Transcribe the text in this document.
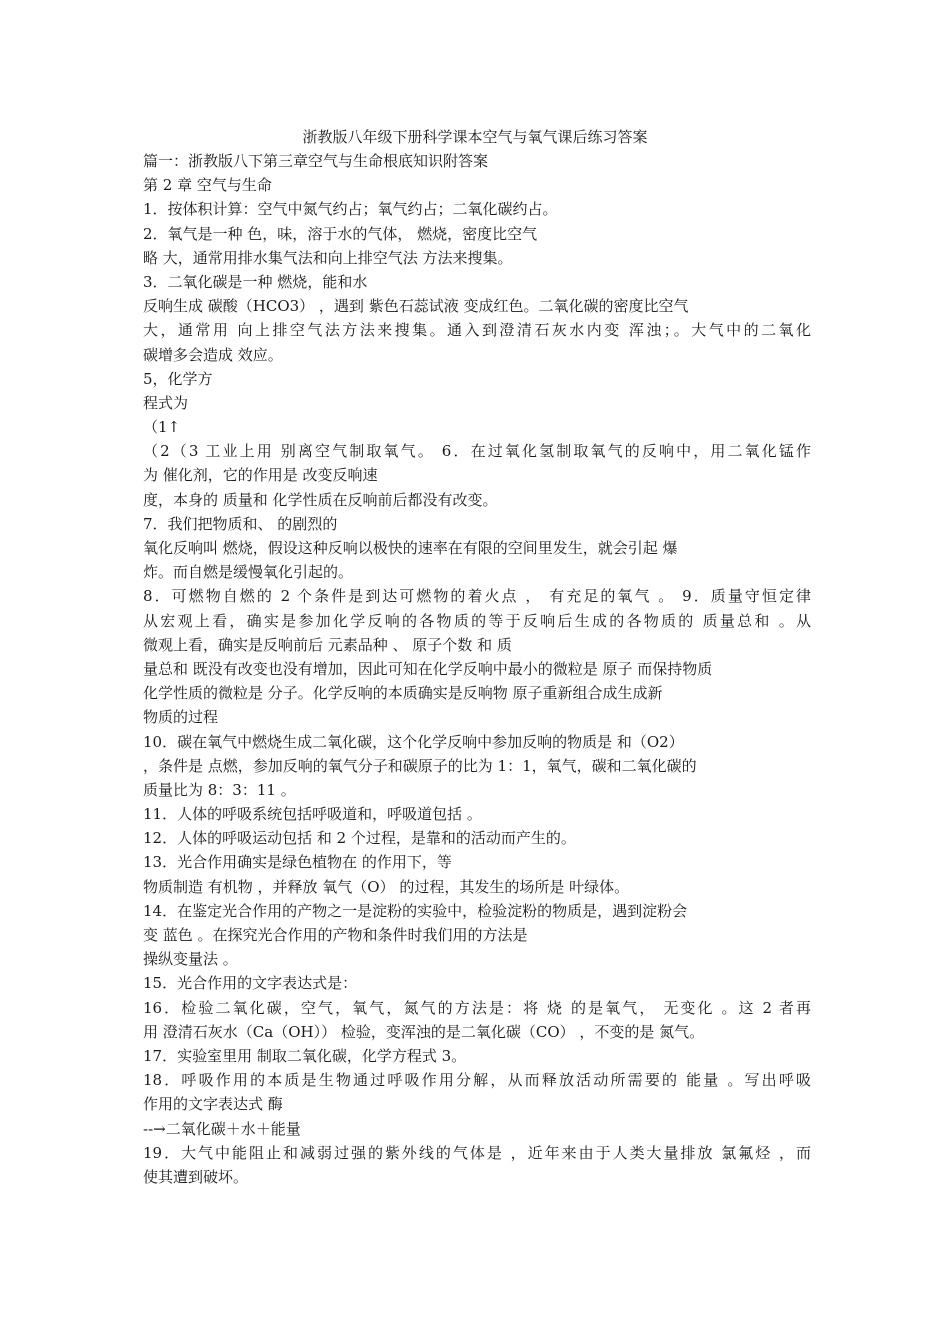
浙教版八年级下册科学课本空气与氧气课后练习答案
篇一：浙教版八下第三章空气与生命根底知识附答案
第 2 章 空气与生命
1．按体积计算：空气中氮气约占；氧气约占；二氧化碳约占。
2．氧气是一种 色，味，溶于水的气体， 燃烧，密度比空气
略 大，通常用排水集气法和向上排空气法 方法来搜集。
3．二氧化碳是一种 燃烧，能和水
反响生成 碳酸（HCO3） ，遇到 紫色石蕊试液 变成红色。二氧化碳的密度比空气
大，通常用 向上排空气法方法来搜集。通入到澄清石灰水内变 浑浊；。大气中的二氧化
碳增多会造成 效应。
5，化学方
程式为
（1↑
（2（3 工业上用 别离空气制取氧气。 6．在过氧化氢制取氧气的反响中，用二氧化锰作
为 催化剂，它的作用是 改变反响速
度，本身的 质量和 化学性质在反响前后都没有改变。
7．我们把物质和、 的剧烈的
氧化反响叫 燃烧，假设这种反响以极快的速率在有限的空间里发生，就会引起 爆
炸。而自燃是缓慢氧化引起的。
8．可燃物自燃的 2 个条件是到达可燃物的着火点 ， 有充足的氧气 。 9．质量守恒定律
从宏观上看，确实是参加化学反响的各物质的等于反响后生成的各物质的 质量总和 。从
微观上看，确实是反响前后 元素品种 、 原子个数 和 质
量总和 既没有改变也没有增加，因此可知在化学反响中最小的微粒是 原子 而保持物质
化学性质的微粒是 分子。化学反响的本质确实是反响物 原子重新组合成生成新
物质的过程
10．碳在氧气中燃烧生成二氧化碳，这个化学反响中参加反响的物质是 和（O2）
，条件是 点燃，参加反响的氧气分子和碳原子的比为 1：1，氧气，碳和二氧化碳的
质量比为 8：3：11 。
11．人体的呼吸系统包括呼吸道和，呼吸道包括 。
12．人体的呼吸运动包括 和 2 个过程，是靠和的活动而产生的。
13．光合作用确实是绿色植物在 的作用下，等
物质制造 有机物 ，并释放 氧气（O） 的过程，其发生的场所是 叶绿体。
14．在鉴定光合作用的产物之一是淀粉的实验中，检验淀粉的物质是，遇到淀粉会
变 蓝色 。在探究光合作用的产物和条件时我们用的方法是
操纵变量法 。
15．光合作用的文字表达式是：
16．检验二氧化碳，空气，氧气，氮气的方法是：将 烧 的是氧气， 无变化 。这 2 者再
用 澄清石灰水（Ca（OH）） 检验，变浑浊的是二氧化碳（CO） ，不变的是 氮气。
17．实验室里用 制取二氧化碳，化学方程式 3。
18．呼吸作用的本质是生物通过呼吸作用分解，从而释放活动所需要的 能量 。写出呼吸
作用的文字表达式 酶
--→二氧化碳＋水＋能量
19．大气中能阻止和减弱过强的紫外线的气体是 ，近年来由于人类大量排放 氯氟烃 ，而
使其遭到破坏。
